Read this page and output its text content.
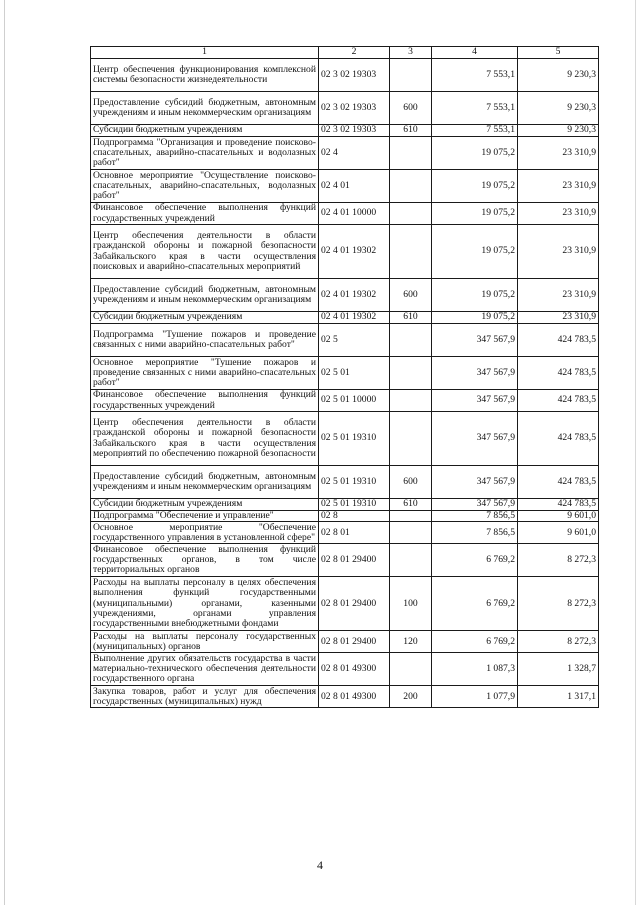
1	2	3	4	5
Центр обеспечения функционирования комплексной системы безопасности жизнедеятельности	02 3 02 19303		7 553,1	9 230,3
Предоставление субсидий бюджетным, автономным учреждениям и иным некоммерческим организациям	02 3 02 19303	600	7 553,1	9 230,3
Субсидии бюджетным учреждениям	02 3 02 19303	610	7 553,1	9 230,3
Подпрограмма "Организация и проведение поисково-спасательных, аварийно-спасательных и водолазных работ"	02 4		19 075,2	23 310,9
Основное мероприятие "Осуществление поисково-спасательных, аварийно-спасательных, водолазных работ"	02 4 01		19 075,2	23 310,9
Финансовое обеспечение выполнения функций государственных учреждений	02 4 01 10000		19 075,2	23 310,9
Центр обеспечения деятельности в области гражданской обороны и пожарной безопасности Забайкальского края в части осуществления поисковых и аварийно-спасательных мероприятий	02 4 01 19302		19 075,2	23 310,9
Предоставление субсидий бюджетным, автономным учреждениям и иным некоммерческим организациям	02 4 01 19302	600	19 075,2	23 310,9
Субсидии бюджетным учреждениям	02 4 01 19302	610	19 075,2	23 310,9
Подпрограмма "Тушение пожаров и проведение связанных с ними аварийно-спасательных работ"	02 5		347 567,9	424 783,5
Основное мероприятие "Тушение пожаров и проведение связанных с ними аварийно-спасательных работ"	02 5 01		347 567,9	424 783,5
Финансовое обеспечение выполнения функций государственных учреждений	02 5 01 10000		347 567,9	424 783,5
Центр обеспечения деятельности в области гражданской обороны и пожарной безопасности Забайкальского края в части осуществления мероприятий по обеспечению пожарной безопасности	02 5 01 19310		347 567,9	424 783,5
Предоставление субсидий бюджетным, автономным учреждениям и иным некоммерческим организациям	02 5 01 19310	600	347 567,9	424 783,5
Субсидии бюджетным учреждениям	02 5 01 19310	610	347 567,9	424 783,5
Подпрограмма "Обеспечение и управление"	02 8		7 856,5	9 601,0
Основное мероприятие "Обеспечение государственного управления в установленной сфере"	02 8 01		7 856,5	9 601,0
Финансовое обеспечение выполнения функций государственных органов, в том числе территориальных органов	02 8 01 29400		6 769,2	8 272,3
Расходы на выплаты персоналу в целях обеспечения выполнения функций государственными (муниципальными) органами, казенными учреждениями, органами управления государственными внебюджетными фондами	02 8 01 29400	100	6 769,2	8 272,3
Расходы на выплаты персоналу государственных (муниципальных) органов	02 8 01 29400	120	6 769,2	8 272,3
Выполнение других обязательств государства в части материально-технического обеспечения деятельности государственного органа	02 8 01 49300		1 087,3	1 328,7
Закупка товаров, работ и услуг для обеспечения государственных (муниципальных) нужд	02 8 01 49300	200	1 077,9	1 317,1
4
